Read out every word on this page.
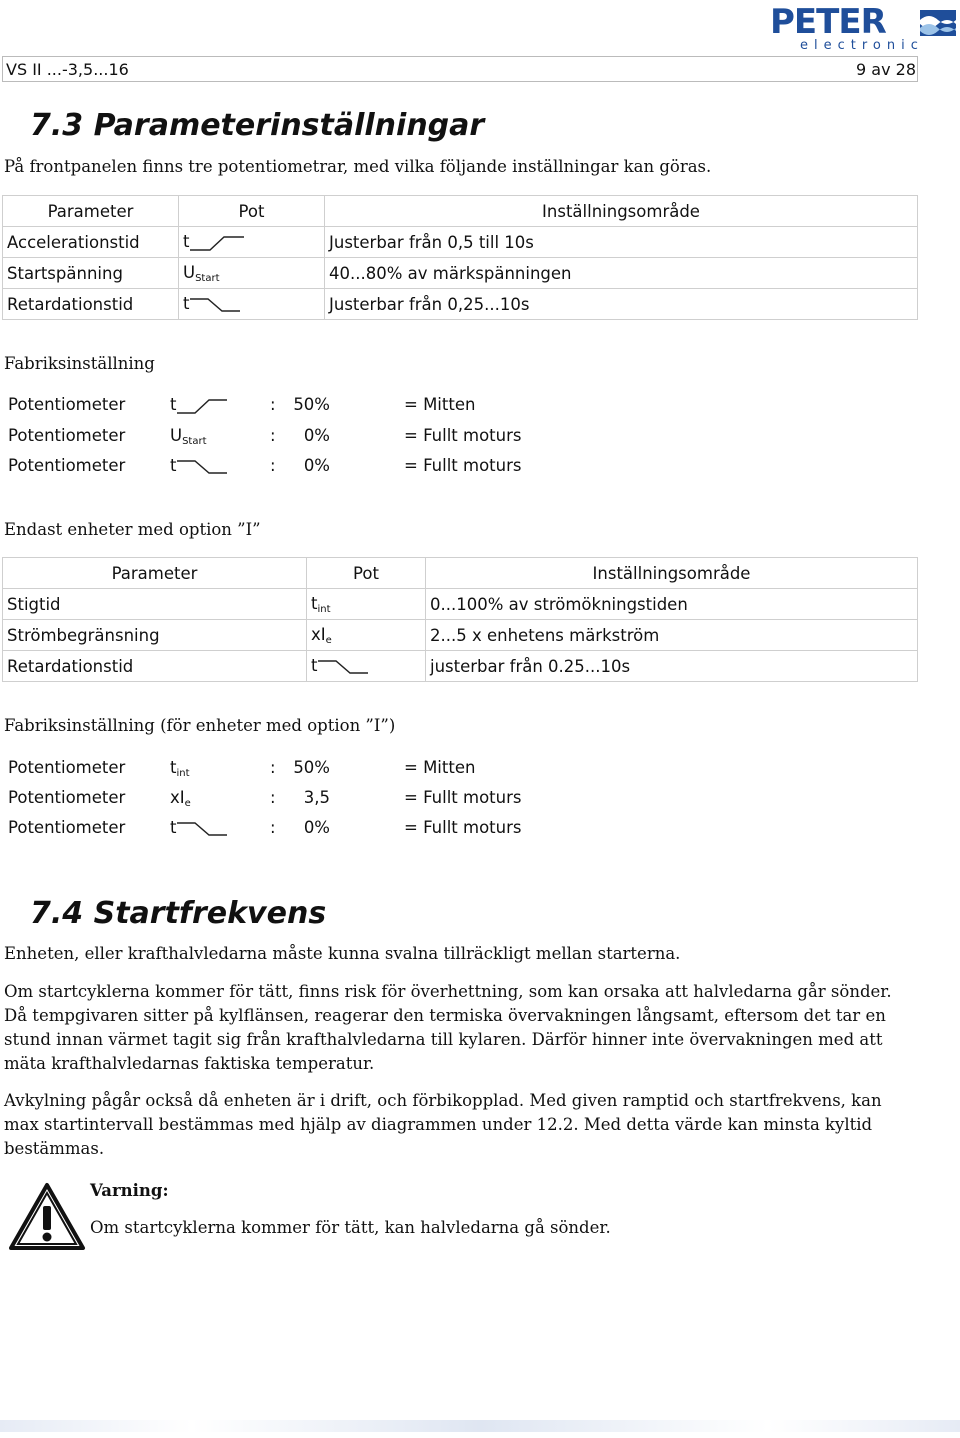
PETER
electronic
VS II ...-3,5...16	9 av 28
7.3 Parameterinställningar
På frontpanelen finns tre potentiometrar, med vilka följande inställningar kan göras.
Parameter	Pot	Inställningsområde
Accelerationstid	t	Justerbar från 0,5 till 10s
Startspänning	$U_{Start}$	40...80% av märkspänningen
Retardationstid	t	Justerbar från 0,25...10s
Fabriksinställning
Potentiometer	t	: 50%	= Mitten
Potentiometer	$U_{Start}$	:	0%	= Fullt moturs
Potentiometer	t	:	0%	= Fullt moturs
Endast enheter med option ”I”
Parameter	Pot	Inställningsområde
Stigtid	$t_{int}$	0...100% av strömökningstiden
Strömbegränsning	$xI_e$	2...5 x enhetens märkström
Retardationstid	t	justerbar från 0.25...10s
Fabriksinställning (för enheter med option ”I”)
Potentiometer	$t_{int}$	: 50%	= Mitten
Potentiometer	$xI_e$	:	3,5	= Fullt moturs
Potentiometer	t	:	0%	= Fullt moturs
7.4 Startfrekvens
Enheten, eller krafthalvledarna måste kunna svalna tillräckligt mellan starterna.
Om startcyklerna kommer för tätt, finns risk för överhettning, som kan orsaka att halvledarna går sönder. Då tempgivaren sitter på kylflänsen, reagerar den termiska övervakningen långsamt, eftersom det tar en stund innan värmet tagit sig från krafthalvledarna till kylaren. Därför hinner inte övervakningen med att mäta krafthalvledarnas faktiska temperatur.
Avkylning pågår också då enheten är i drift, och förbikopplad. Med given ramptid och startfrekvens, kan max startintervall bestämmas med hjälp av diagrammen under 12.2. Med detta värde kan minsta kyltid bestämmas.
Varning:
Om startcyklerna kommer för tätt, kan halvledarna gå sönder.
